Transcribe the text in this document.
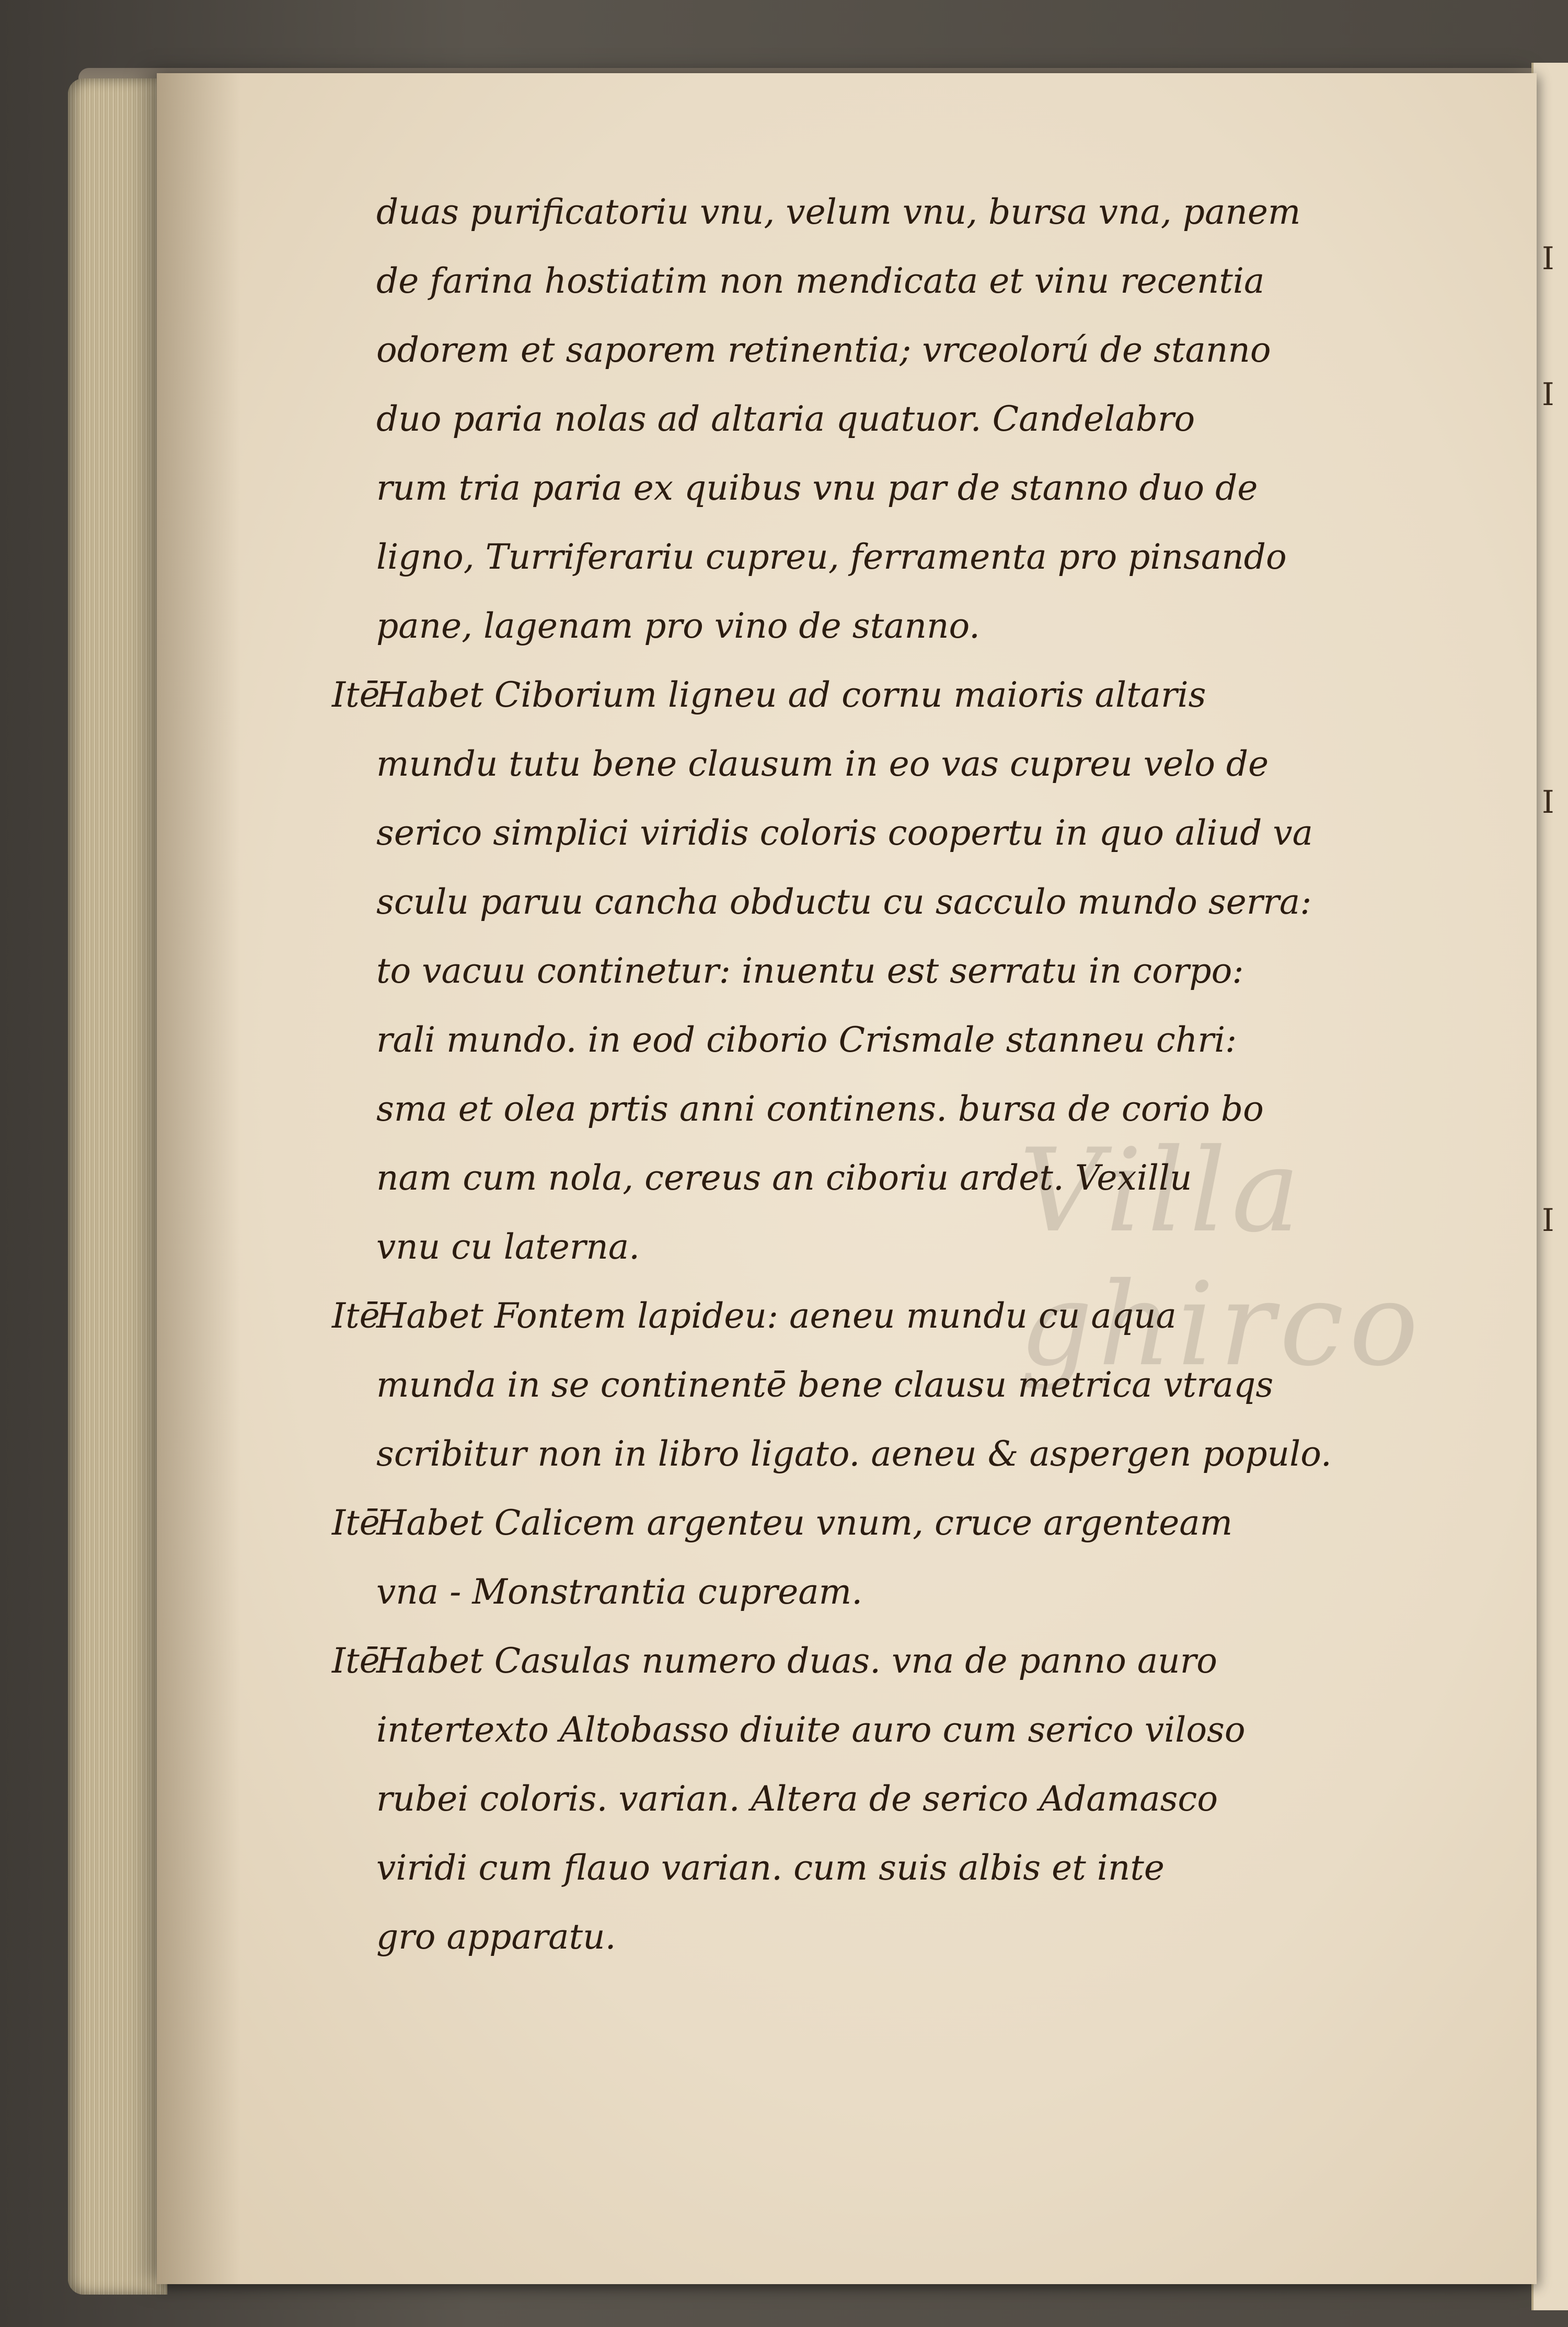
I
I
I
I
Villa ghirco
duas purificatoriu vnu, velum vnu, bursa vna, panem
de farina hostiatim non mendicata et vinu recentia
odorem et saporem retinentia; vrceolorú de stanno
duo paria nolas ad altaria quatuor. Candelabro
rum tria paria ex quibus vnu par de stanno duo de
ligno, Turriferariu cupreu, ferramenta pro pinsando
pane, lagenam pro vino de stanno.
Itē
Habet Ciborium ligneu ad cornu maioris altaris
mundu tutu bene clausum in eo vas cupreu velo de
serico simplici viridis coloris coopertu in quo aliud va
sculu paruu cancha obductu cu sacculo mundo serra:
to vacuu continetur: inuentu est serratu in corpo:
rali mundo. in eod ciborio Crismale stanneu chri:
sma et olea prtis anni continens. bursa de corio bo
nam cum nola, cereus an ciboriu ardet. Vexillu
vnu cu laterna.
Itē
Habet Fontem lapideu: aeneu mundu cu aqua
munda in se continentē bene clausu metrica vtraqs
scribitur non in libro ligato. aeneu & aspergen populo.
Itē
Habet Calicem argenteu vnum, cruce argenteam
vna - Monstrantia cupream.
Itē
Habet Casulas numero duas. vna de panno auro
intertexto Altobasso diuite auro cum serico viloso
rubei coloris. varian. Altera de serico Adamasco
viridi cum flauo varian. cum suis albis et inte
gro apparatu.
